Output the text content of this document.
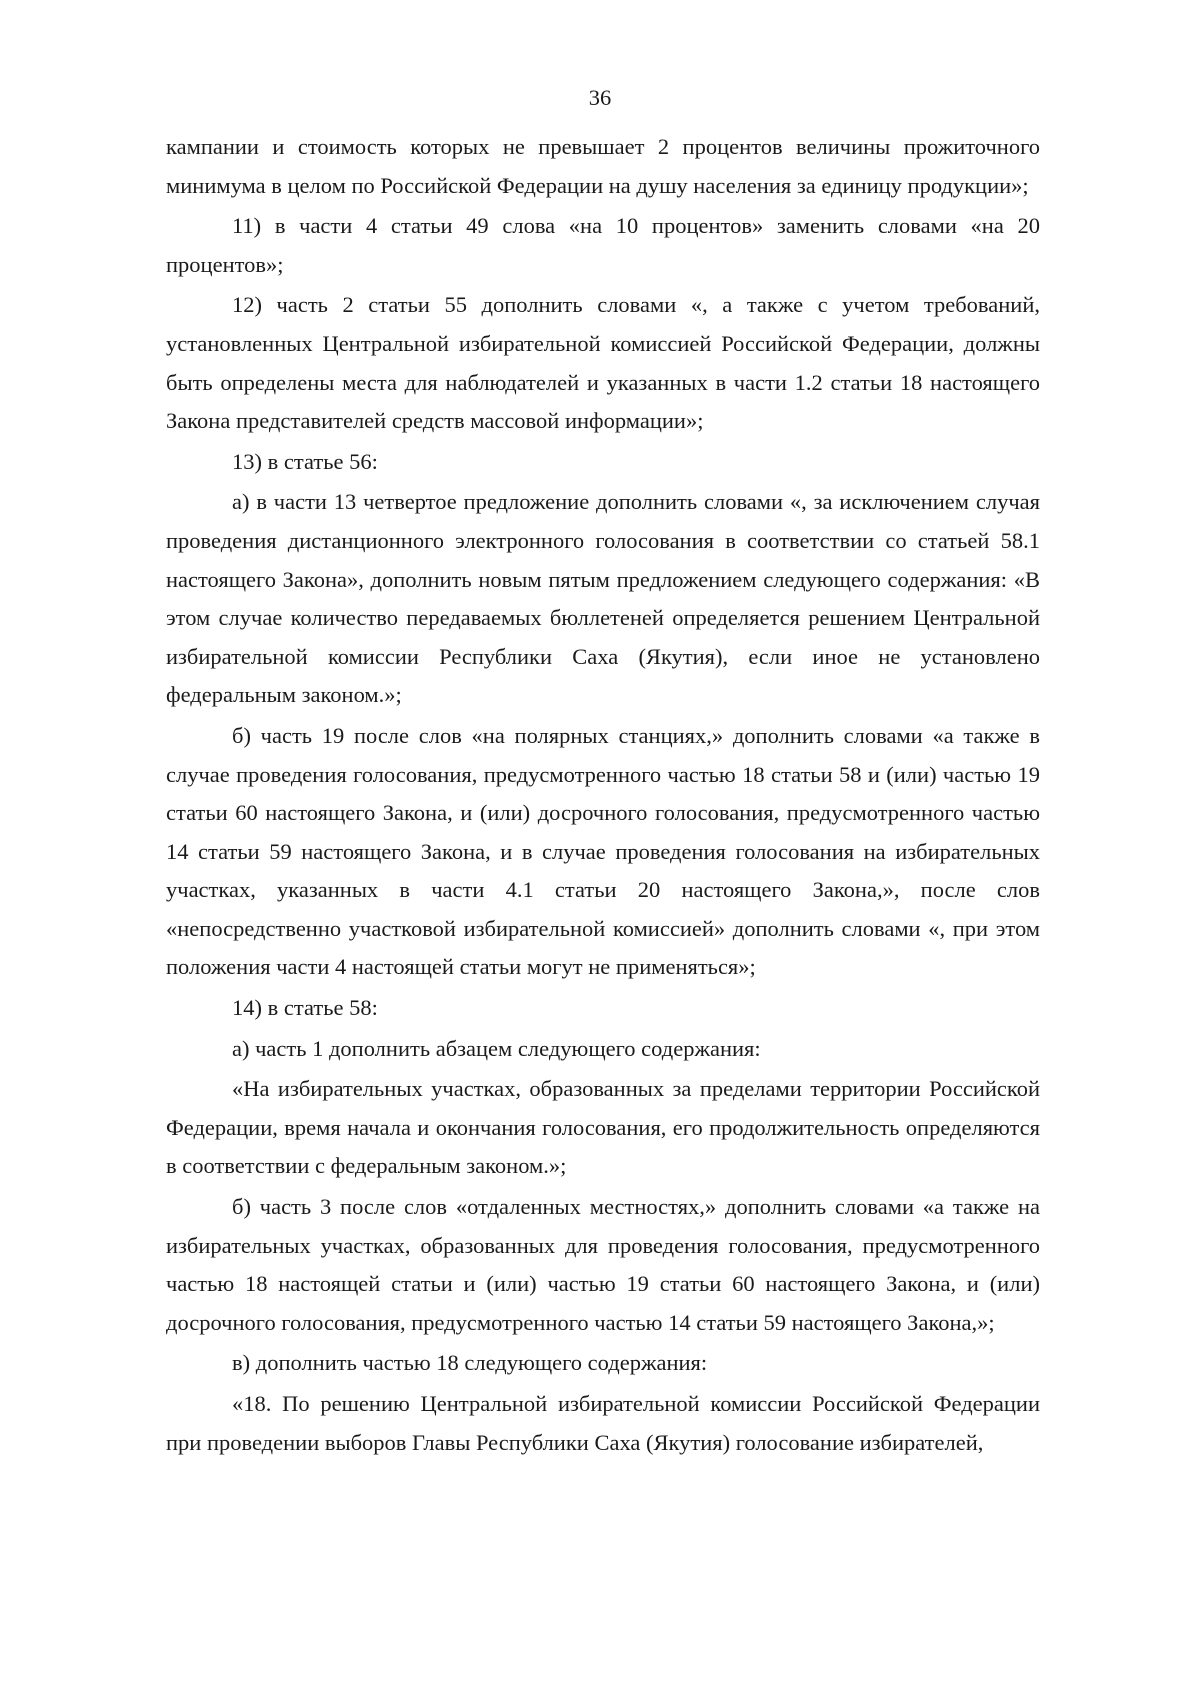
36

кампании и стоимость которых не превышает 2 процентов величины прожиточного минимума в целом по Российской Федерации на душу населения за единицу продукции»;

11) в части 4 статьи 49 слова «на 10 процентов» заменить словами «на 20 процентов»;

12) часть 2 статьи 55 дополнить словами «, а также с учетом требований, установленных Центральной избирательной комиссией Российской Федерации, должны быть определены места для наблюдателей и указанных в части 1.2 статьи 18 настоящего Закона представителей средств массовой информации»;

13) в статье 56:

а) в части 13 четвертое предложение дополнить словами «, за исключением случая проведения дистанционного электронного голосования в соответствии со статьей 58.1 настоящего Закона», дополнить новым пятым предложением следующего содержания: «В этом случае количество передаваемых бюллетеней определяется решением Центральной избирательной комиссии Республики Саха (Якутия), если иное не установлено федеральным законом.»;

б) часть 19 после слов «на полярных станциях,» дополнить словами «а также в случае проведения голосования, предусмотренного частью 18 статьи 58 и (или) частью 19 статьи 60 настоящего Закона, и (или) досрочного голосования, предусмотренного частью 14 статьи 59 настоящего Закона, и в случае проведения голосования на избирательных участках, указанных в части 4.1 статьи 20 настоящего Закона,», после слов «непосредственно участковой избирательной комиссией» дополнить словами «, при этом положения части 4 настоящей статьи могут не применяться»;

14) в статье 58:

а) часть 1 дополнить абзацем следующего содержания:

«На избирательных участках, образованных за пределами территории Российской Федерации, время начала и окончания голосования, его продолжительность определяются в соответствии с федеральным законом.»;

б) часть 3 после слов «отдаленных местностях,» дополнить словами «а также на избирательных участках, образованных для проведения голосования, предусмотренного частью 18 настоящей статьи и (или) частью 19 статьи 60 настоящего Закона, и (или) досрочного голосования, предусмотренного частью 14 статьи 59 настоящего Закона,»;

в) дополнить частью 18 следующего содержания:

«18. По решению Центральной избирательной комиссии Российской Федерации при проведении выборов Главы Республики Саха (Якутия) голосование избирателей,
